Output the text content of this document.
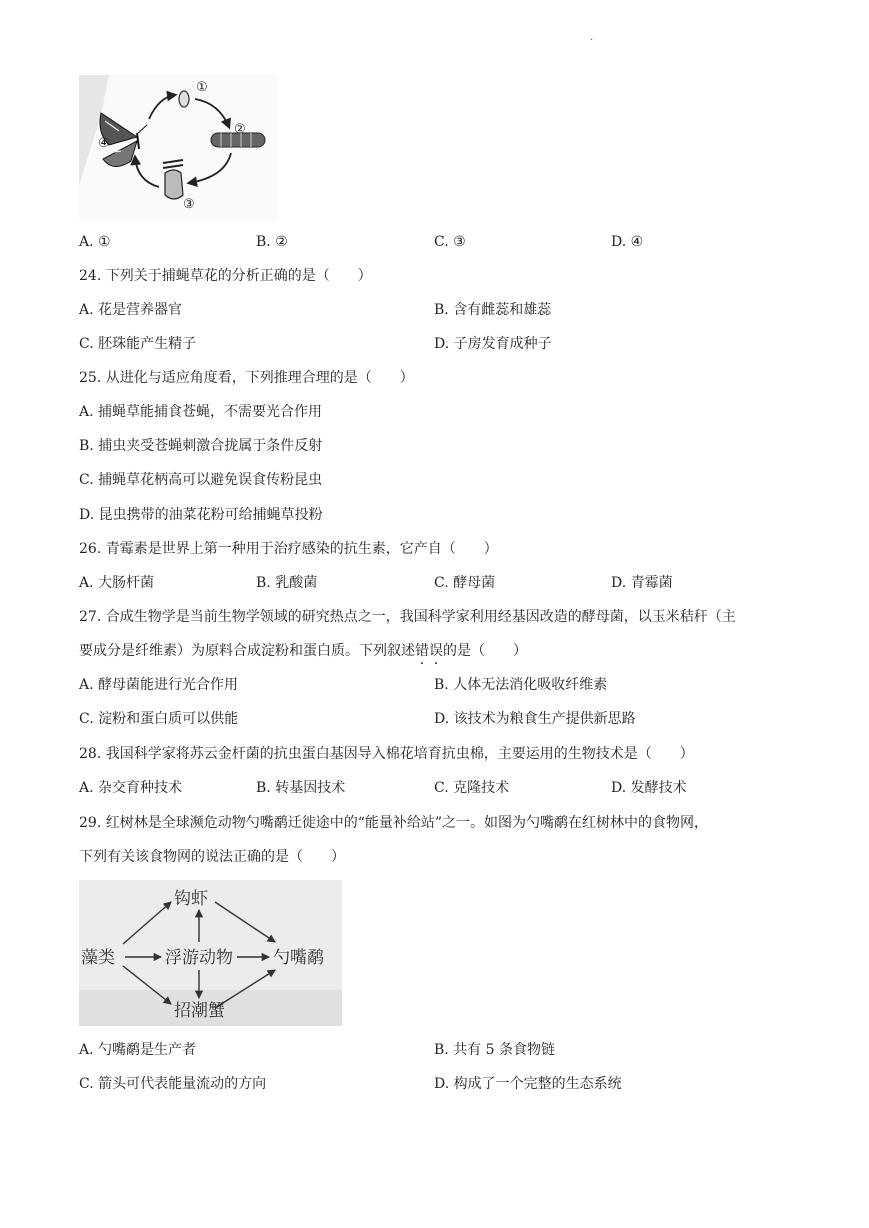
.
①
②
③
④
A. ①	B. ②	C. ③	D. ④
24. 下列关于捕蝇草花的分析正确的是（　　）
A. 花是营养器官	B. 含有雌蕊和雄蕊
C. 胚珠能产生精子	D. 子房发育成种子
25. 从进化与适应角度看，下列推理合理的是（　　）
A. 捕蝇草能捕食苍蝇，不需要光合作用
B. 捕虫夹受苍蝇刺激合拢属于条件反射
C. 捕蝇草花柄高可以避免误食传粉昆虫
D. 昆虫携带的油菜花粉可给捕蝇草投粉
26. 青霉素是世界上第一种用于治疗感染的抗生素，它产自（　　）
A. 大肠杆菌	B. 乳酸菌	C. 酵母菌	D. 青霉菌
27. 合成生物学是当前生物学领域的研究热点之一，我国科学家利用经基因改造的酵母菌，以玉米秸秆（主
要成分是纤维素）为原料合成淀粉和蛋白质。下列叙述错误的是（　　）
A. 酵母菌能进行光合作用	B. 人体无法消化吸收纤维素
C. 淀粉和蛋白质可以供能	D. 该技术为粮食生产提供新思路
28. 我国科学家将苏云金杆菌的抗虫蛋白基因导入棉花培育抗虫棉，主要运用的生物技术是（　　）
A. 杂交育种技术	B. 转基因技术	C. 克隆技术	D. 发酵技术
29. 红树林是全球濒危动物勺嘴鹬迁徙途中的“能量补给站”之一。如图为勺嘴鹬在红树林中的食物网，
下列有关该食物网的说法正确的是（　　）
钩虾
藻类	浮游动物 勺嘴鹬
招潮蟹
A. 勺嘴鹬是生产者	B. 共有 5 条食物链
C. 箭头可代表能量流动的方向	D. 构成了一个完整的生态系统
